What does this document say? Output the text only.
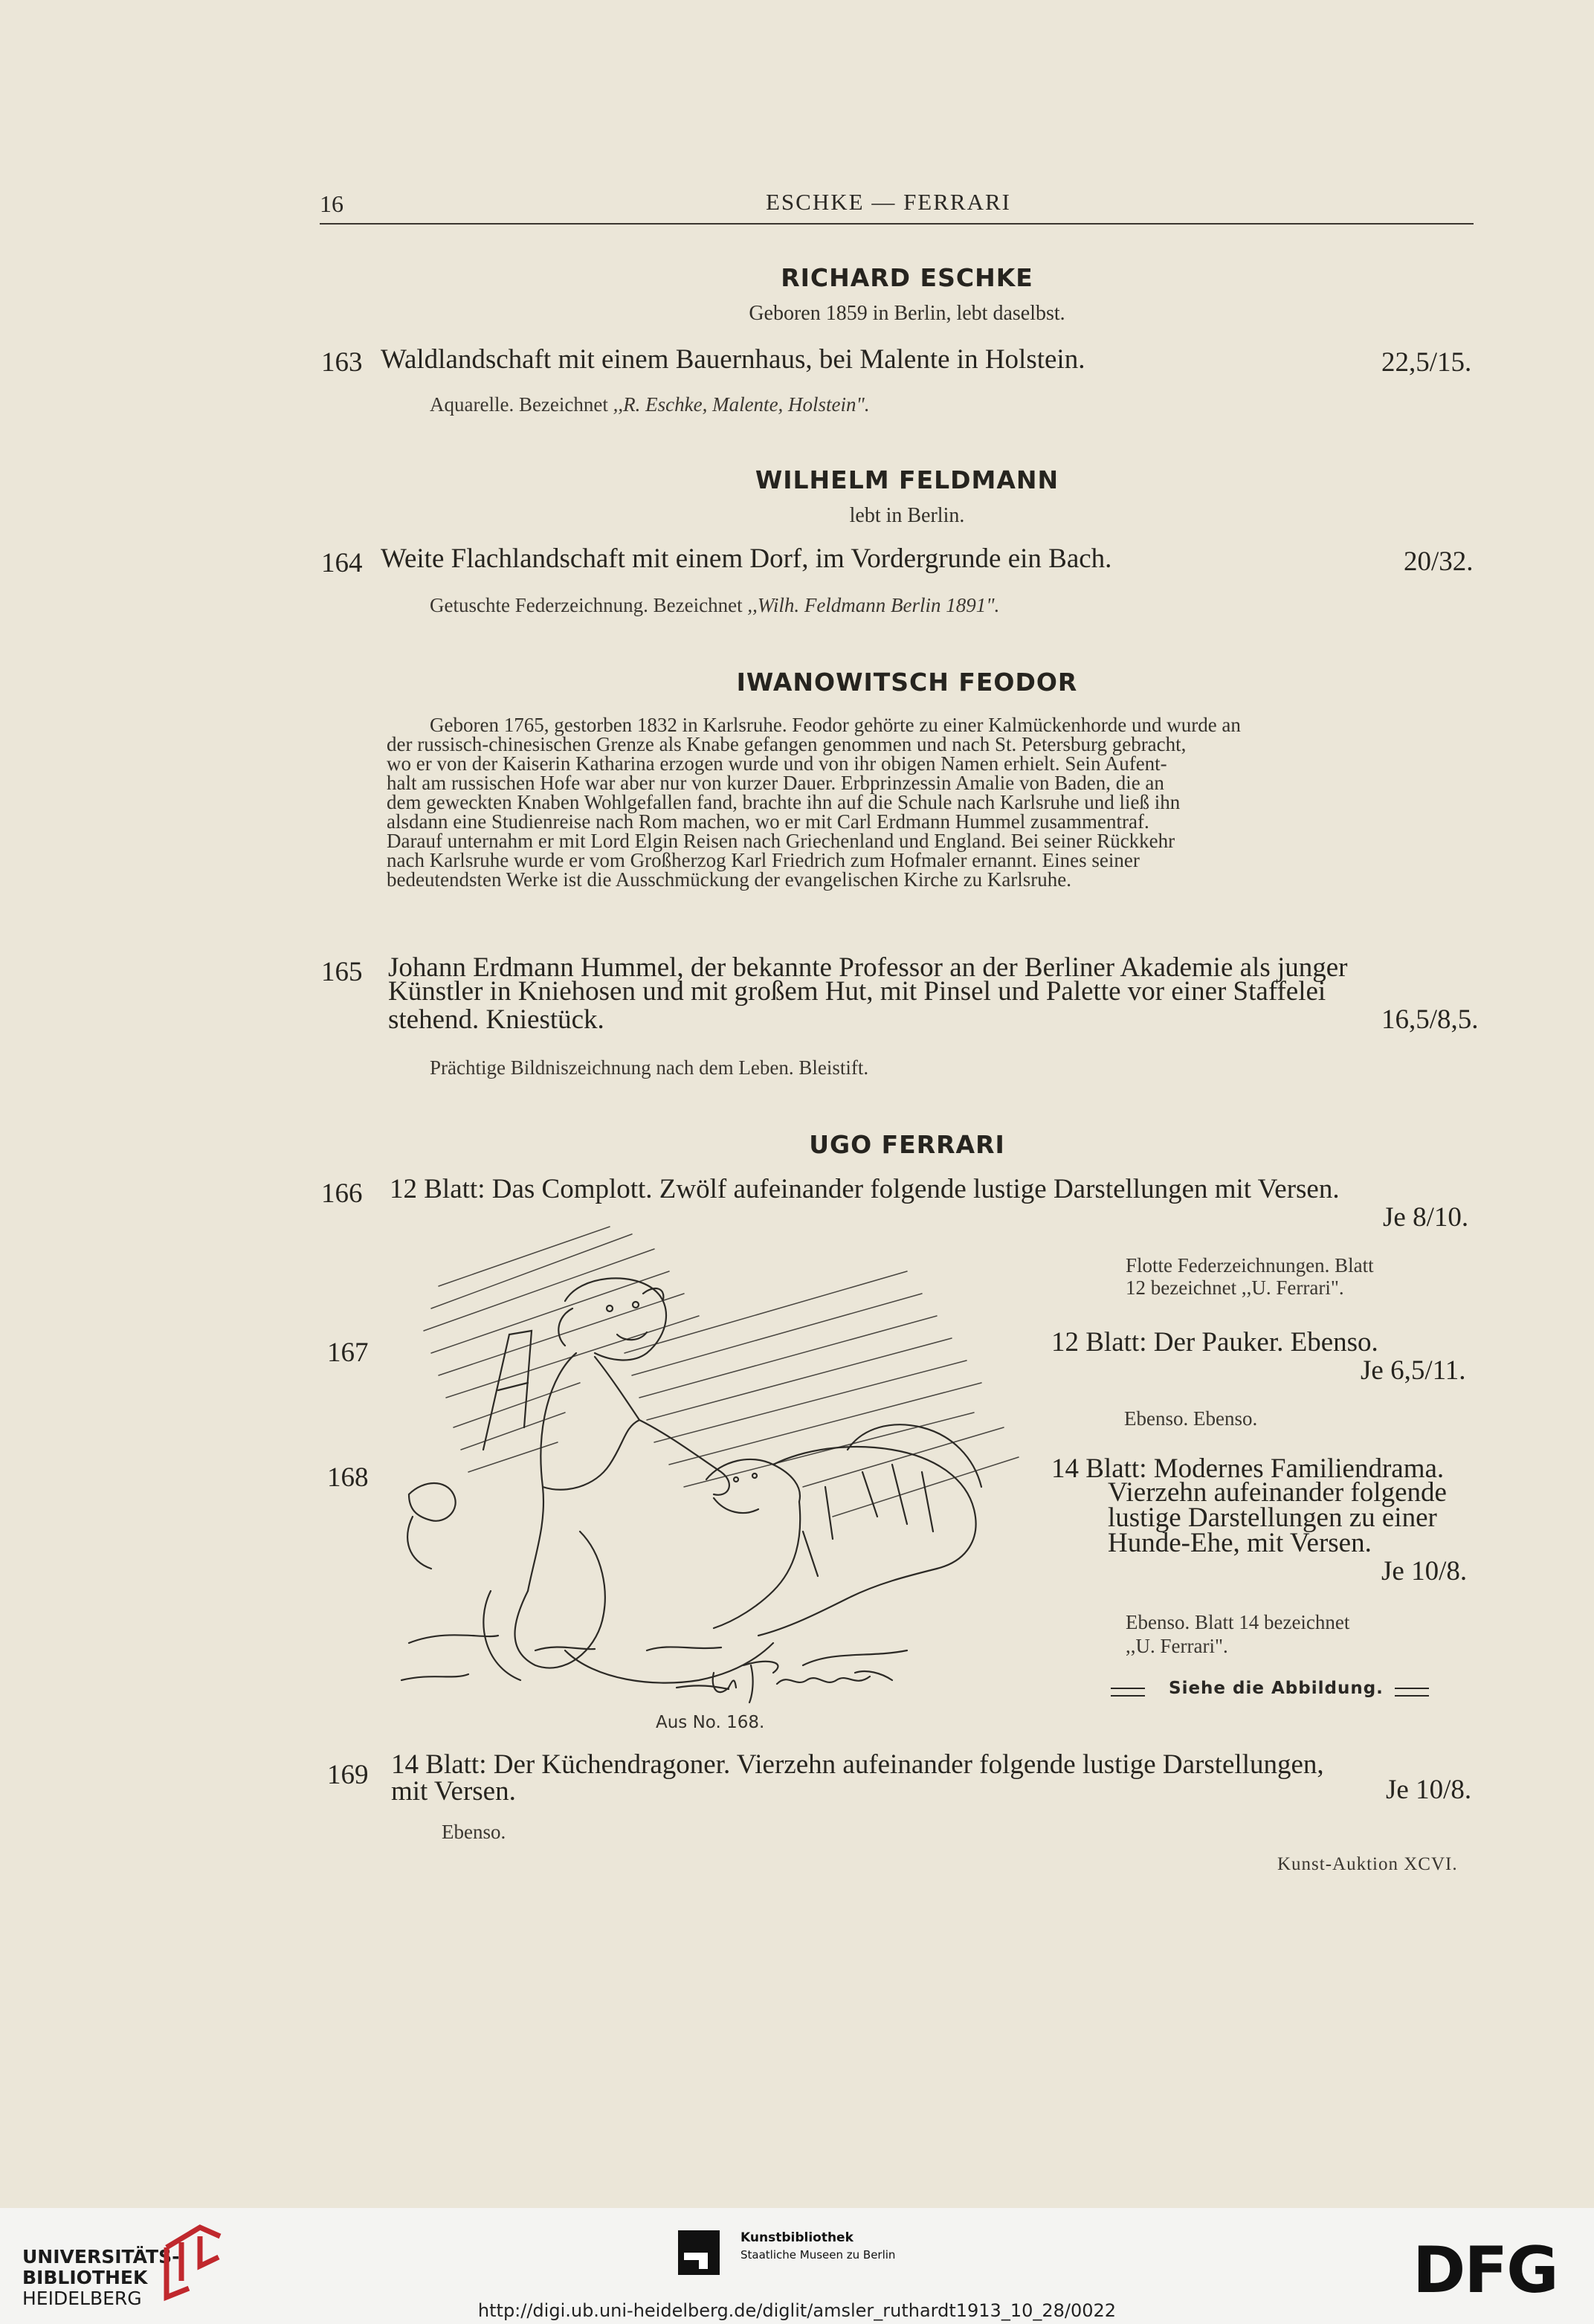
16	ESCHKE — FERRARI
RICHARD ESCHKE
Geboren 1859 in Berlin, lebt daselbst.
163 Waldlandschaft mit einem Bauernhaus, bei Malente in Holstein.	22,5/15.
Aquarelle. Bezeichnet ,,R. Eschke, Malente, Holstein".
WILHELM FELDMANN
lebt in Berlin.
164 Weite Flachlandschaft mit einem Dorf, im Vordergrunde ein Bach.	20/32.
Getuschte Federzeichnung. Bezeichnet ,,Wilh. Feldmann Berlin 1891".
IWANOWITSCH FEODOR

Geboren 1765, gestorben 1832 in Karlsruhe. Feodor gehörte zu einer Kalmückenhorde und wurde an

der russisch-chinesischen Grenze als Knabe gefangen genommen und nach St. Petersburg gebracht,

wo er von der Kaiserin Katharina erzogen wurde und von ihr obigen Namen erhielt. Sein Aufent-

halt am russischen Hofe war aber nur von kurzer Dauer. Erbprinzessin Amalie von Baden, die an

dem geweckten Knaben Wohlgefallen fand, brachte ihn auf die Schule nach Karlsruhe und ließ ihn

alsdann eine Studienreise nach Rom machen, wo er mit Carl Erdmann Hummel zusammentraf.

Darauf unternahm er mit Lord Elgin Reisen nach Griechenland und England. Bei seiner Rückkehr

nach Karlsruhe wurde er vom Großherzog Karl Friedrich zum Hofmaler ernannt. Eines seiner

bedeutendsten Werke ist die Ausschmückung der evangelischen Kirche zu Karlsruhe.

165 Johann Erdmann Hummel, der bekannte Professor an der Berliner Akademie als junger
Künstler in Kniehosen und mit großem Hut, mit Pinsel und Palette vor einer Staffelei
stehend. Kniestück.	16,5/8,5.
Prächtige Bildniszeichnung nach dem Leben. Bleistift.
UGO FERRARI
166 12 Blatt: Das Complott. Zwölf aufeinander folgende lustige Darstellungen mit Versen.
Je 8/10.
Flotte Federzeichnungen. Blatt
12 bezeichnet ,,U. Ferrari".
167	12 Blatt: Der Pauker. Ebenso.
Je 6,5/11.
Ebenso. Ebenso.
168	14 Blatt: Modernes Familiendrama.
Vierzehn aufeinander folgende
lustige Darstellungen zu einer
Hunde-Ehe, mit Versen.
Je 10/8.
Ebenso. Blatt 14 bezeichnet
,,U. Ferrari".
Siehe die Abbildung.
Aus No. 168.
169 14 Blatt: Der Küchendragoner. Vierzehn aufeinander folgende lustige Darstellungen,
mit Versen.	Je 10/8.
Ebenso.
Kunst-Auktion XCVI.
UNIVERSITÄTS-
BIBLIOTHEK
HEIDELBERG
Kunstbibliothek
Staatliche Museen zu Berlin	DFG
http://digi.ub.uni-heidelberg.de/diglit/amsler_ruthardt1913_10_28/0022
